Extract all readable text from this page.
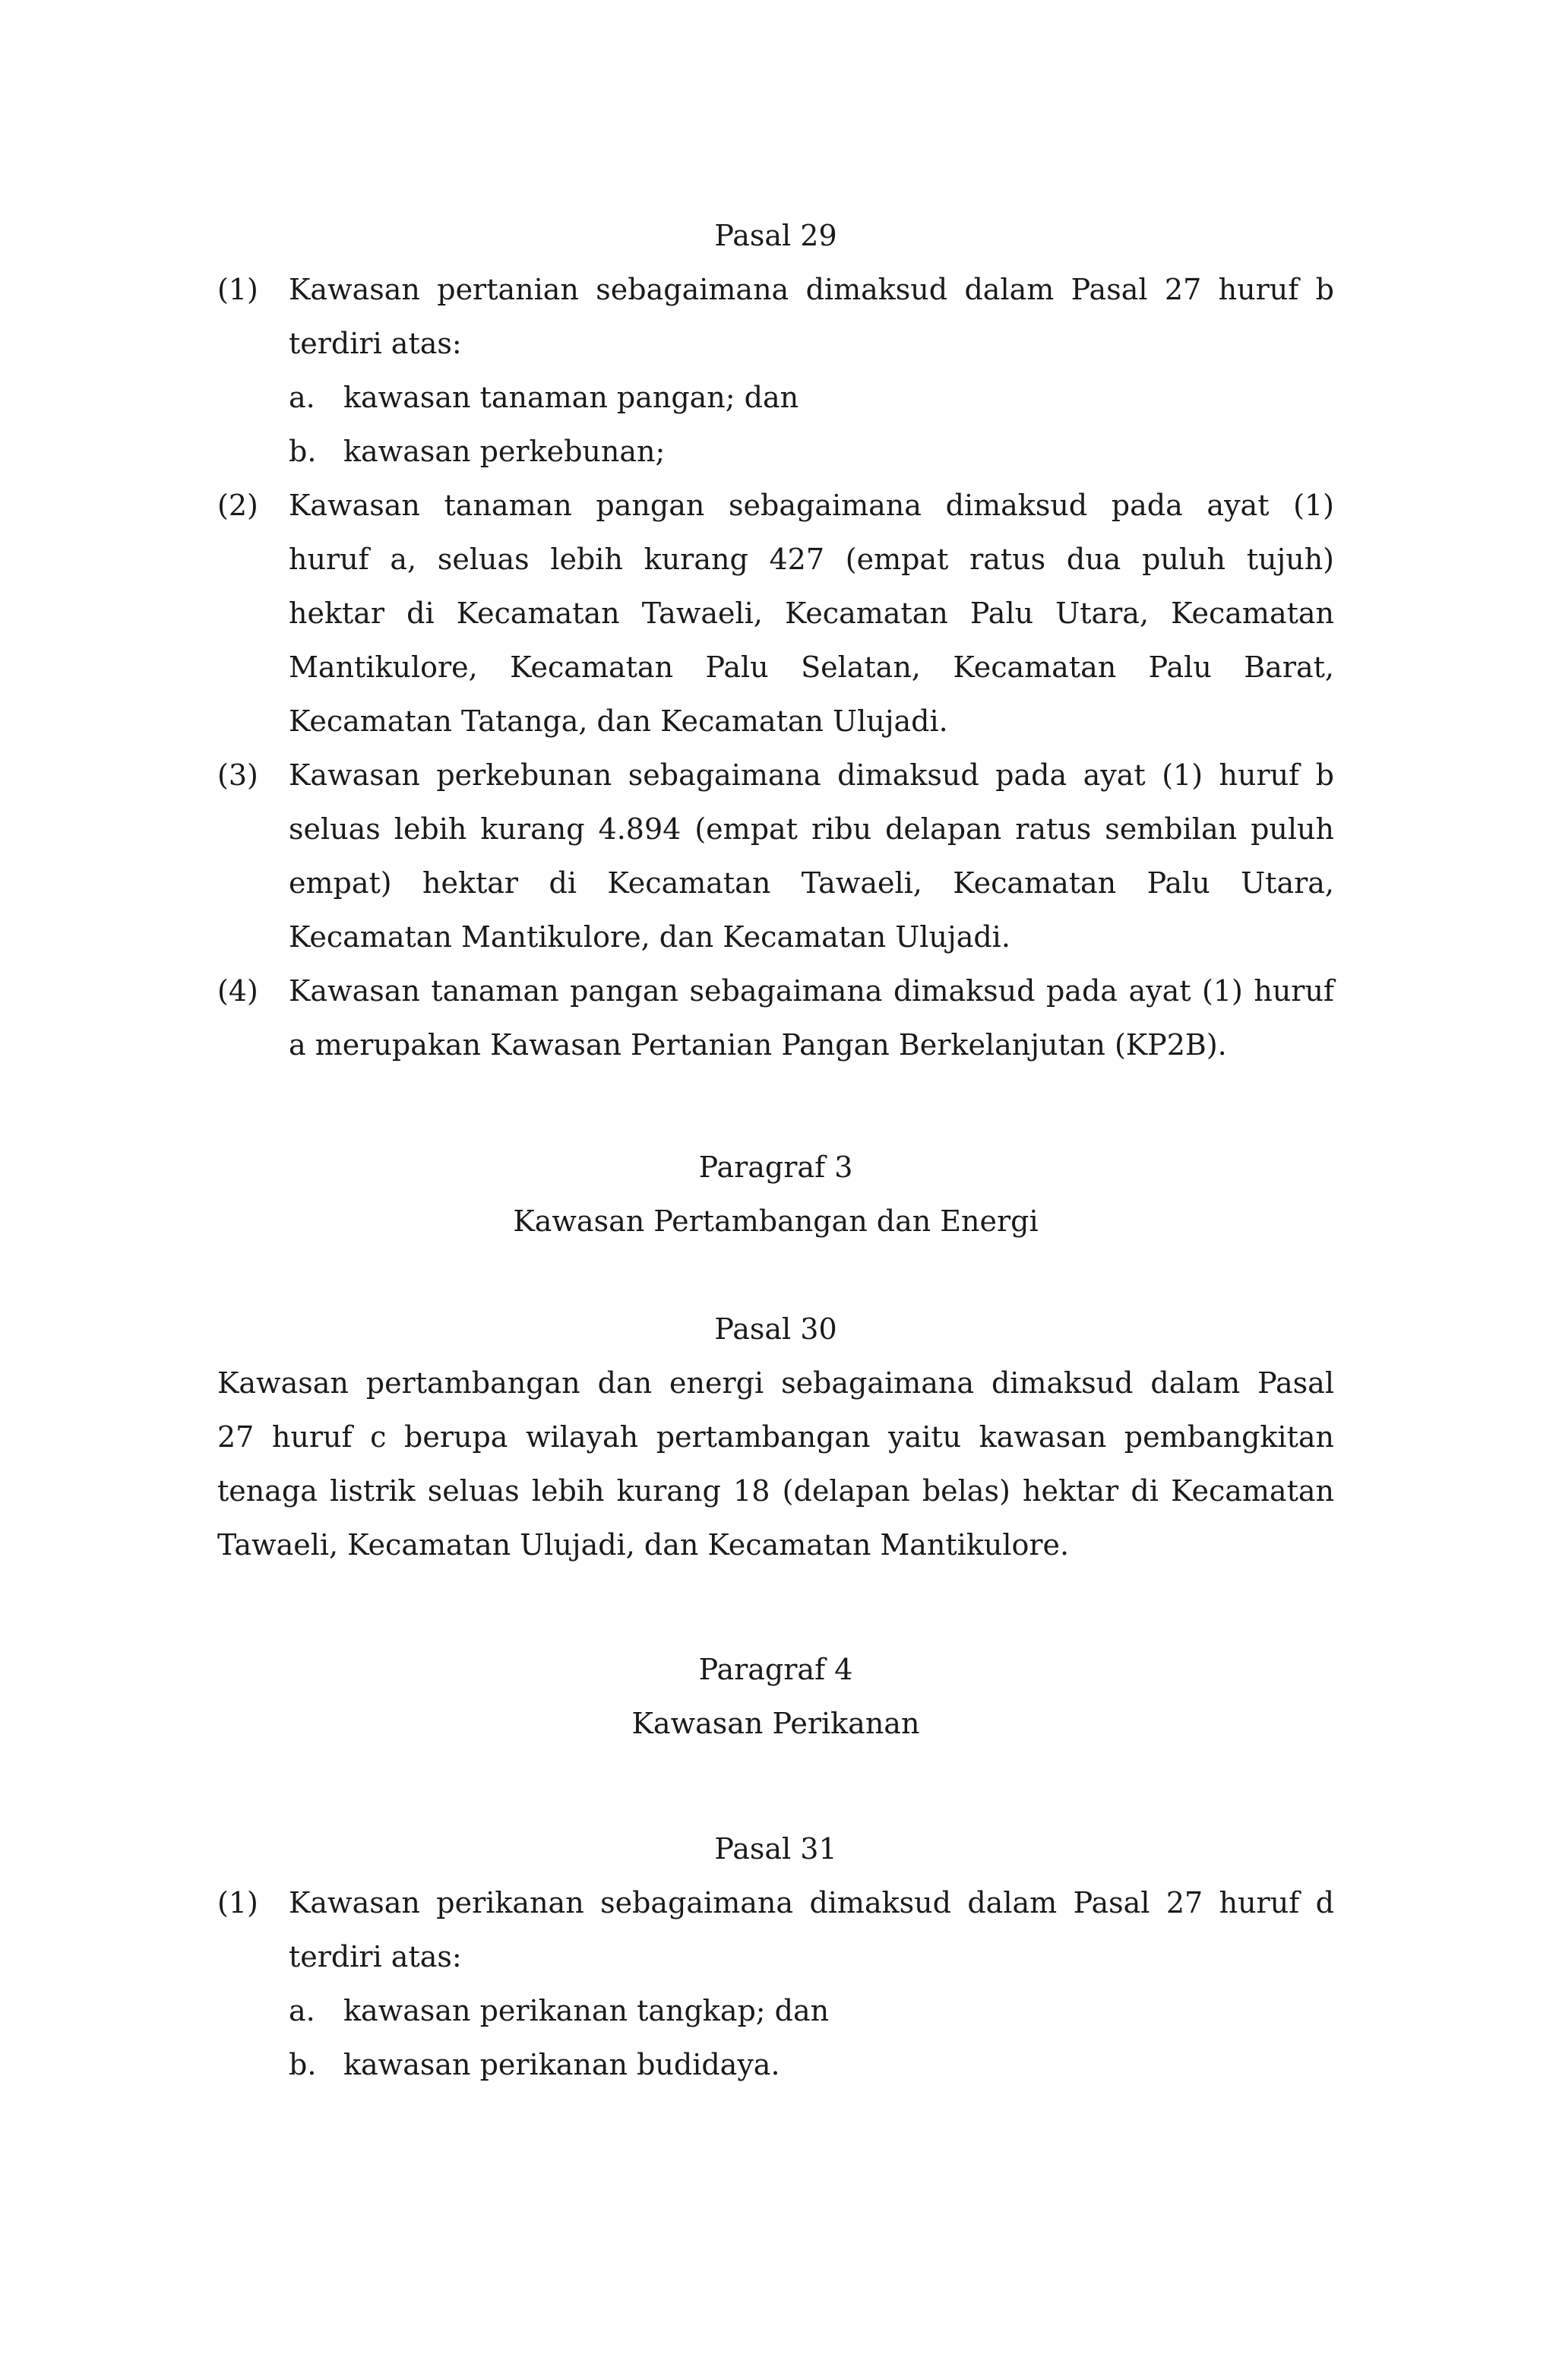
Pasal 29
(1) Kawasan pertanian sebagaimana dimaksud dalam Pasal 27 huruf b
terdiri atas:
a. kawasan tanaman pangan; dan
b. kawasan perkebunan;
(2) Kawasan tanaman pangan sebagaimana dimaksud pada ayat (1)
huruf a, seluas lebih kurang 427 (empat ratus dua puluh tujuh)
hektar di Kecamatan Tawaeli, Kecamatan Palu Utara, Kecamatan
Mantikulore, Kecamatan Palu Selatan, Kecamatan Palu Barat,
Kecamatan Tatanga, dan Kecamatan Ulujadi.
(3) Kawasan perkebunan sebagaimana dimaksud pada ayat (1) huruf b
seluas lebih kurang 4.894 (empat ribu delapan ratus sembilan puluh
empat) hektar di Kecamatan Tawaeli, Kecamatan Palu Utara,
Kecamatan Mantikulore, dan Kecamatan Ulujadi.
(4) Kawasan tanaman pangan sebagaimana dimaksud pada ayat (1) huruf
a merupakan Kawasan Pertanian Pangan Berkelanjutan (KP2B).
Paragraf 3
Kawasan Pertambangan dan Energi
Pasal 30
Kawasan pertambangan dan energi sebagaimana dimaksud dalam Pasal
27 huruf c berupa wilayah pertambangan yaitu kawasan pembangkitan
tenaga listrik seluas lebih kurang 18 (delapan belas) hektar di Kecamatan
Tawaeli, Kecamatan Ulujadi, dan Kecamatan Mantikulore.
Paragraf 4
Kawasan Perikanan
Pasal 31
(1) Kawasan perikanan sebagaimana dimaksud dalam Pasal 27 huruf d
terdiri atas:
a. kawasan perikanan tangkap; dan
b. kawasan perikanan budidaya.
